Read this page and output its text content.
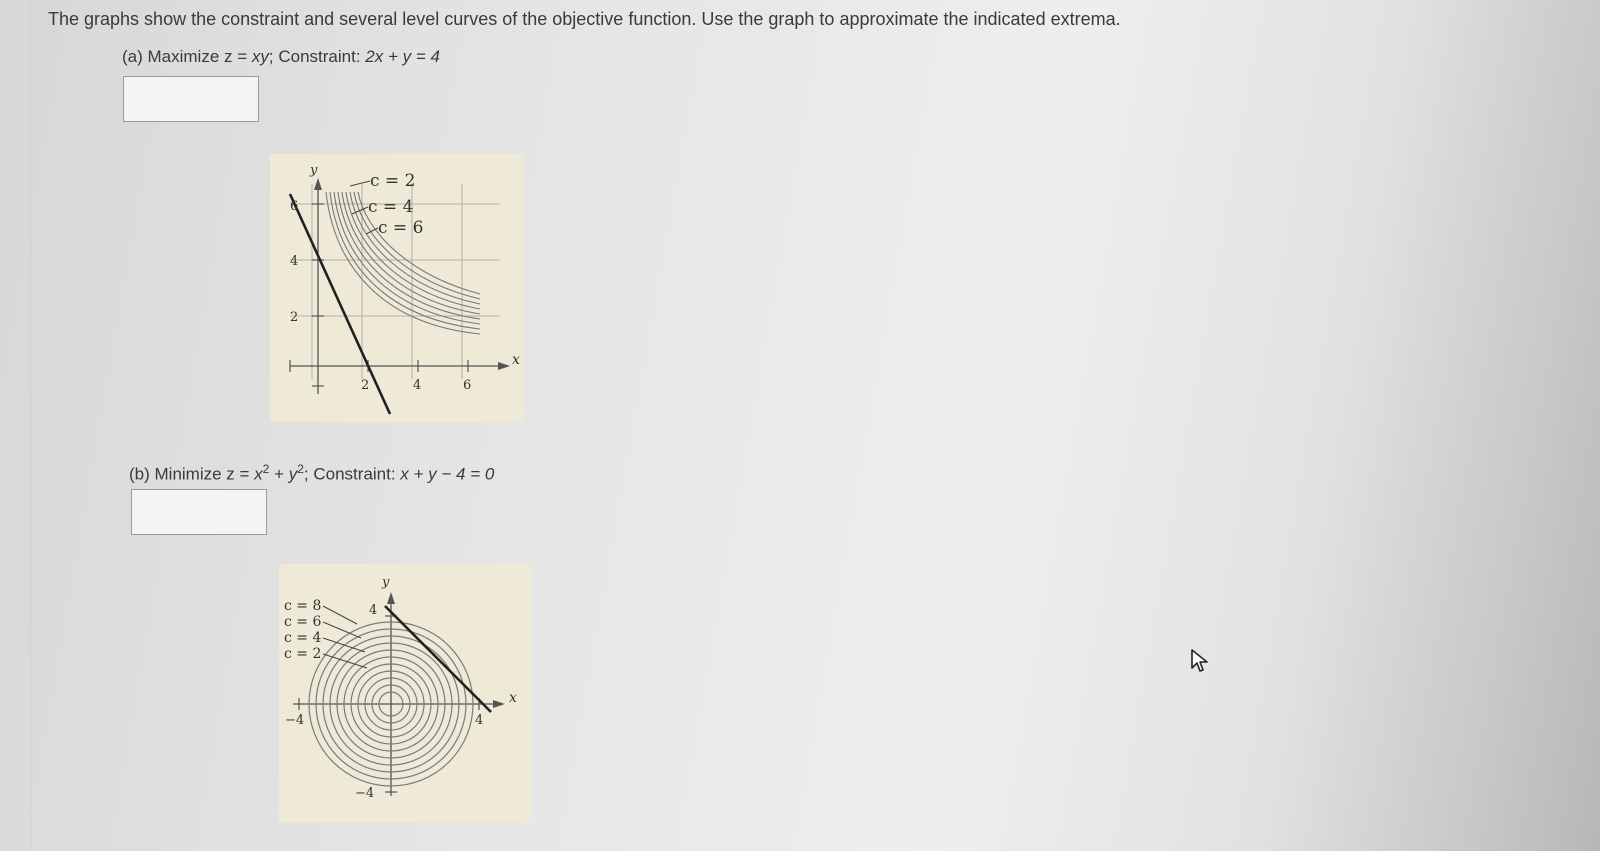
The graphs show the constraint and several level curves of the objective function. Use the graph to approximate the indicated extrema.
(a) Maximize z = xy; Constraint: 2x + y = 4
c = 2
c = 4
c = 6
6
4
2
2	4	6
x
y
(b) Minimize $z = x^2 + y^2$; Constraint: x + y − 4 = 0
c = 8
c = 6
c = 4
c = 2
4
−4
4
−4
x
y
